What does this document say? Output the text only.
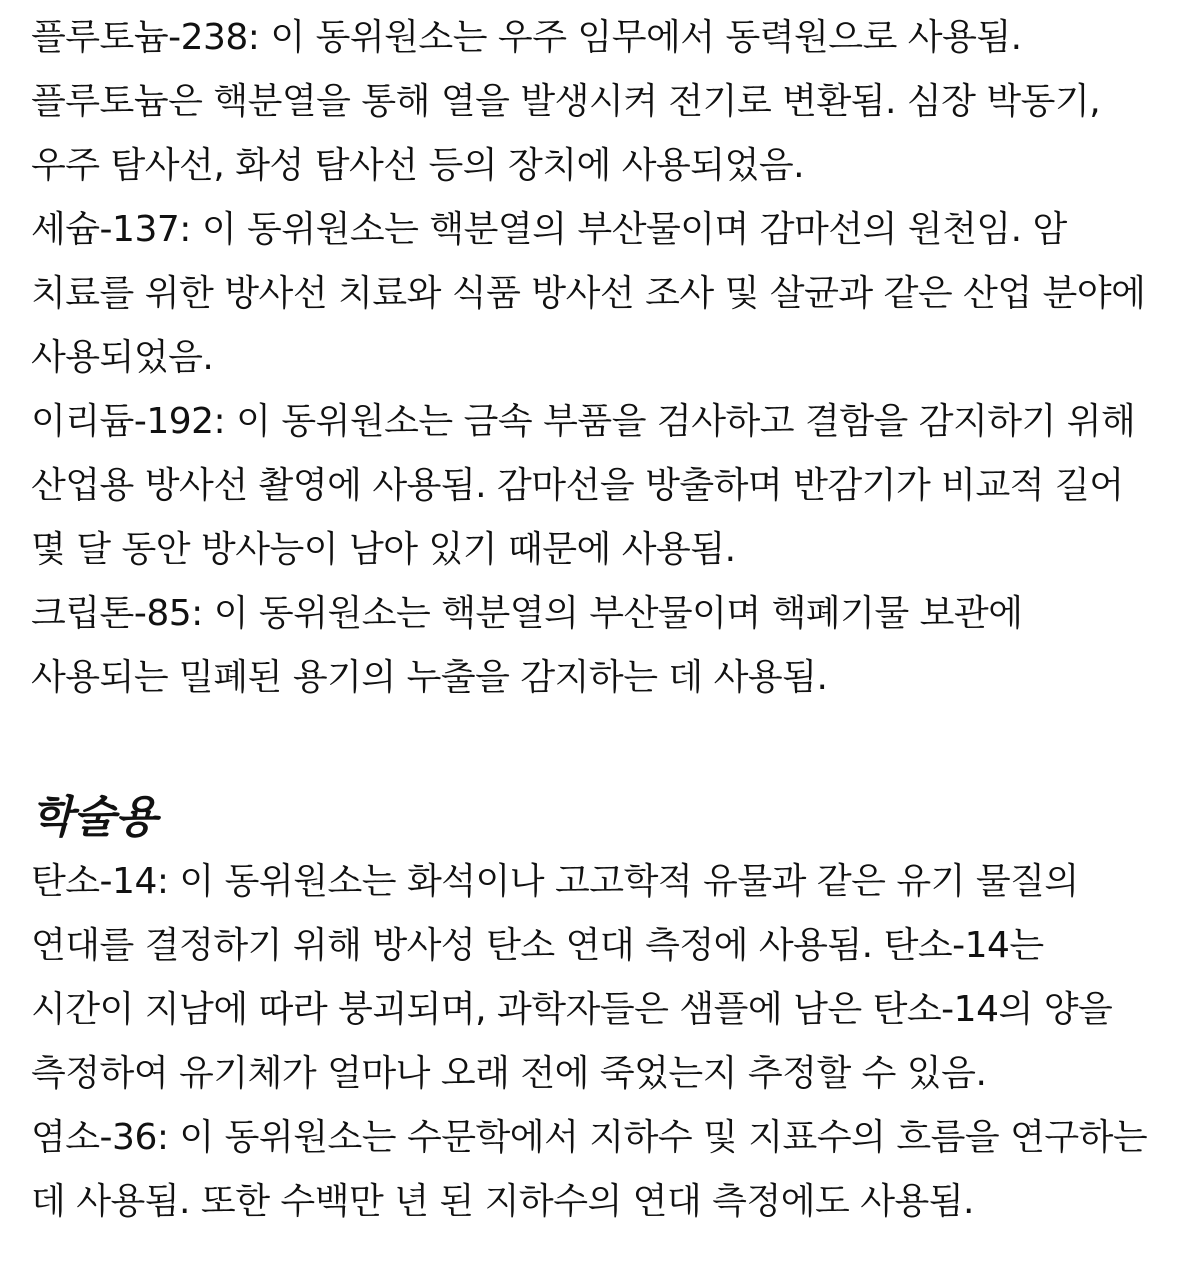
플루토늄-238: 이 동위원소는 우주 임무에서 동력원으로 사용됨. 플루토늄은 핵분열을 통해 열을 발생시켜 전기로 변환됨. 심장 박동기, 우주 탐사선, 화성 탐사선 등의 장치에 사용되었음.

세슘-137: 이 동위원소는 핵분열의 부산물이며 감마선의 원천임. 암 치료를 위한 방사선 치료와 식품 방사선 조사 및 살균과 같은 산업 분야에 사용되었음.

이리듐-192: 이 동위원소는 금속 부품을 검사하고 결함을 감지하기 위해 산업용 방사선 촬영에 사용됨. 감마선을 방출하며 반감기가 비교적 길어 몇 달 동안 방사능이 남아 있기 때문에 사용됨.

크립톤-85: 이 동위원소는 핵분열의 부산물이며 핵폐기물 보관에 사용되는 밀폐된 용기의 누출을 감지하는 데 사용됨.

학술용

탄소-14: 이 동위원소는 화석이나 고고학적 유물과 같은 유기 물질의 연대를 결정하기 위해 방사성 탄소 연대 측정에 사용됨. 탄소-14는 시간이 지남에 따라 붕괴되며, 과학자들은 샘플에 남은 탄소-14의 양을 측정하여 유기체가 얼마나 오래 전에 죽었는지 추정할 수 있음.

염소-36: 이 동위원소는 수문학에서 지하수 및 지표수의 흐름을 연구하는 데 사용됨. 또한 수백만 년 된 지하수의 연대 측정에도 사용됨.
